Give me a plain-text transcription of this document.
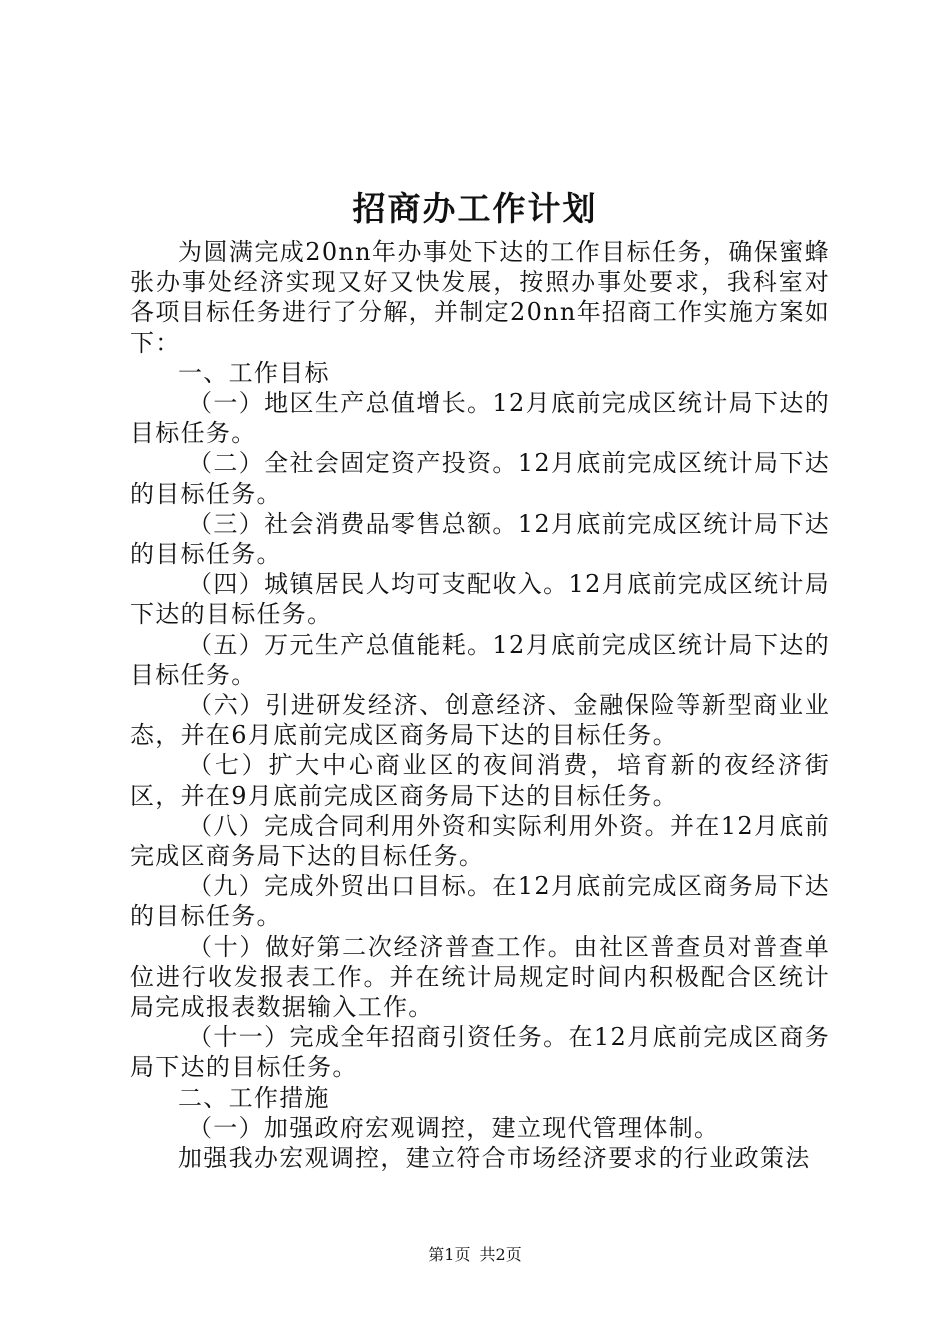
招商办工作计划

为圆满完成20nn年办事处下达的工作目标任务，确保蜜蜂张办事处经济实现又好又快发展，按照办事处要求，我科室对各项目标任务进行了分解，并制定20nn年招商工作实施方案如下：

一、工作目标

（一）地区生产总值增长。12月底前完成区统计局下达的目标任务。

（二）全社会固定资产投资。12月底前完成区统计局下达的目标任务。

（三）社会消费品零售总额。12月底前完成区统计局下达的目标任务。

（四）城镇居民人均可支配收入。12月底前完成区统计局下达的目标任务。

（五）万元生产总值能耗。12月底前完成区统计局下达的目标任务。

（六）引进研发经济、创意经济、金融保险等新型商业业态，并在6月底前完成区商务局下达的目标任务。

（七）扩大中心商业区的夜间消费，培育新的夜经济街区，并在9月底前完成区商务局下达的目标任务。

（八）完成合同利用外资和实际利用外资。并在12月底前完成区商务局下达的目标任务。

（九）完成外贸出口目标。在12月底前完成区商务局下达的目标任务。

（十）做好第二次经济普查工作。由社区普查员对普查单位进行收发报表工作。并在统计局规定时间内积极配合区统计局完成报表数据输入工作。

（十一）完成全年招商引资任务。在12月底前完成区商务局下达的目标任务。

二、工作措施

（一）加强政府宏观调控，建立现代管理体制。

加强我办宏观调控，建立符合市场经济要求的行业政策法

第1页 共2页
